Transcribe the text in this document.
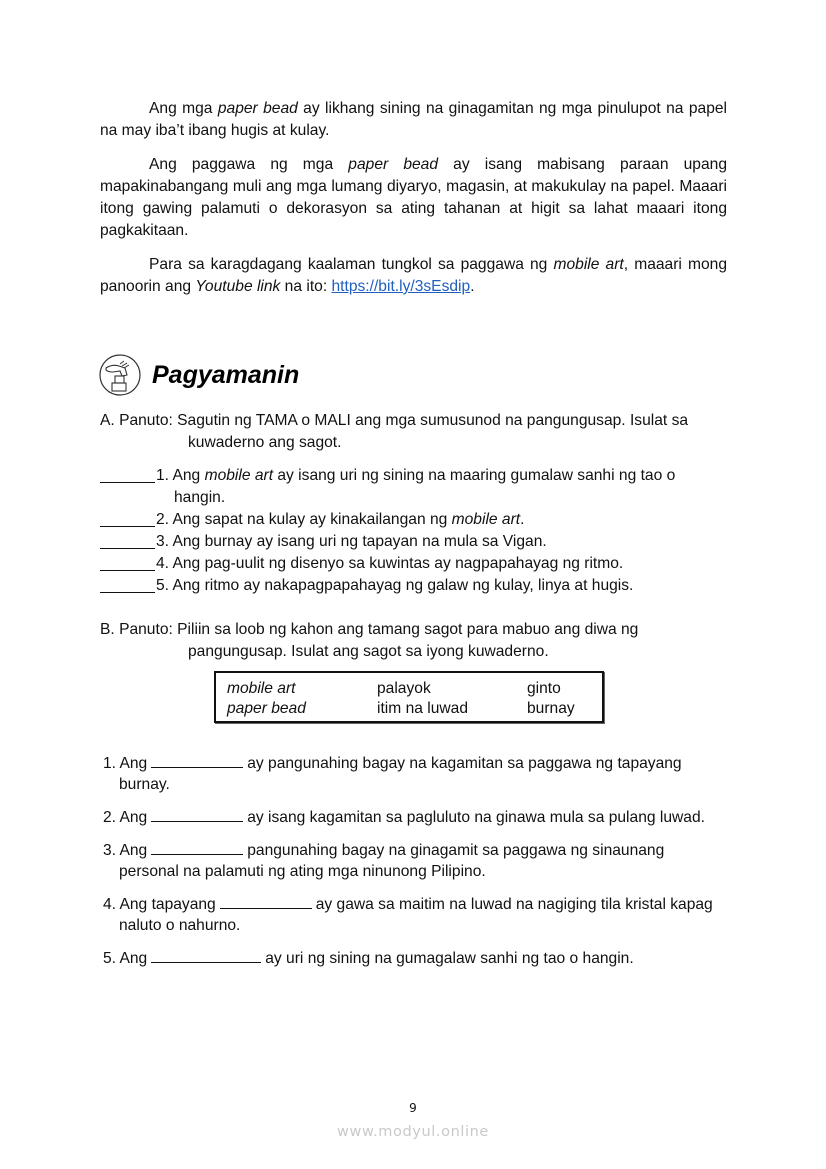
Ang mga paper bead ay likhang sining na ginagamitan ng mga pinulupot na papel na may iba’t ibang hugis at kulay.

Ang paggawa ng mga paper bead ay isang mabisang paraan upang mapakinabangang muli ang mga lumang diyaryo, magasin, at makukulay na papel. Maaari itong gawing palamuti o dekorasyon sa ating tahanan at higit sa lahat maaari itong pagkakitaan.

Para sa karagdagang kaalaman tungkol sa paggawa ng mobile art, maaari mong panoorin ang Youtube link na ito: https://bit.ly/3sEsdip.

Pagyamanin

A. Panuto: Sagutin ng TAMA o MALI ang mga sumusunod na pangungusap. Isulat sa
kuwaderno ang sagot.

1. Ang mobile art ay isang uri ng sining na maaring gumalaw sanhi ng tao o
hangin.
2. Ang sapat na kulay ay kinakailangan ng mobile art.
3. Ang burnay ay isang uri ng tapayan na mula sa Vigan.
4. Ang pag-uulit ng disenyo sa kuwintas ay nagpapahayag ng ritmo.
5. Ang ritmo ay nakapagpapahayag ng galaw ng kulay, linya at hugis.

B. Panuto: Piliin sa loob ng kahon ang tamang sagot para mabuo ang diwa ng
pangungusap. Isulat ang sagot sa iyong kuwaderno.

mobile art	palayok	ginto
paper bead	itim na luwad	burnay
1. Ang	ay pangunahing bagay na kagamitan sa paggawa ng tapayang burnay.
2. Ang	ay isang kagamitan sa pagluluto na ginawa mula sa pulang luwad.
3. Ang	pangunahing bagay na ginagamit sa paggawa ng sinaunang personal na palamuti ng ating mga ninunong Pilipino.
4. Ang tapayang	ay gawa sa maitim na luwad na nagiging tila kristal kapag naluto o nahurno.
5. Ang	ay uri ng sining na gumagalaw sanhi ng tao o hangin.
9
www.modyul.online
